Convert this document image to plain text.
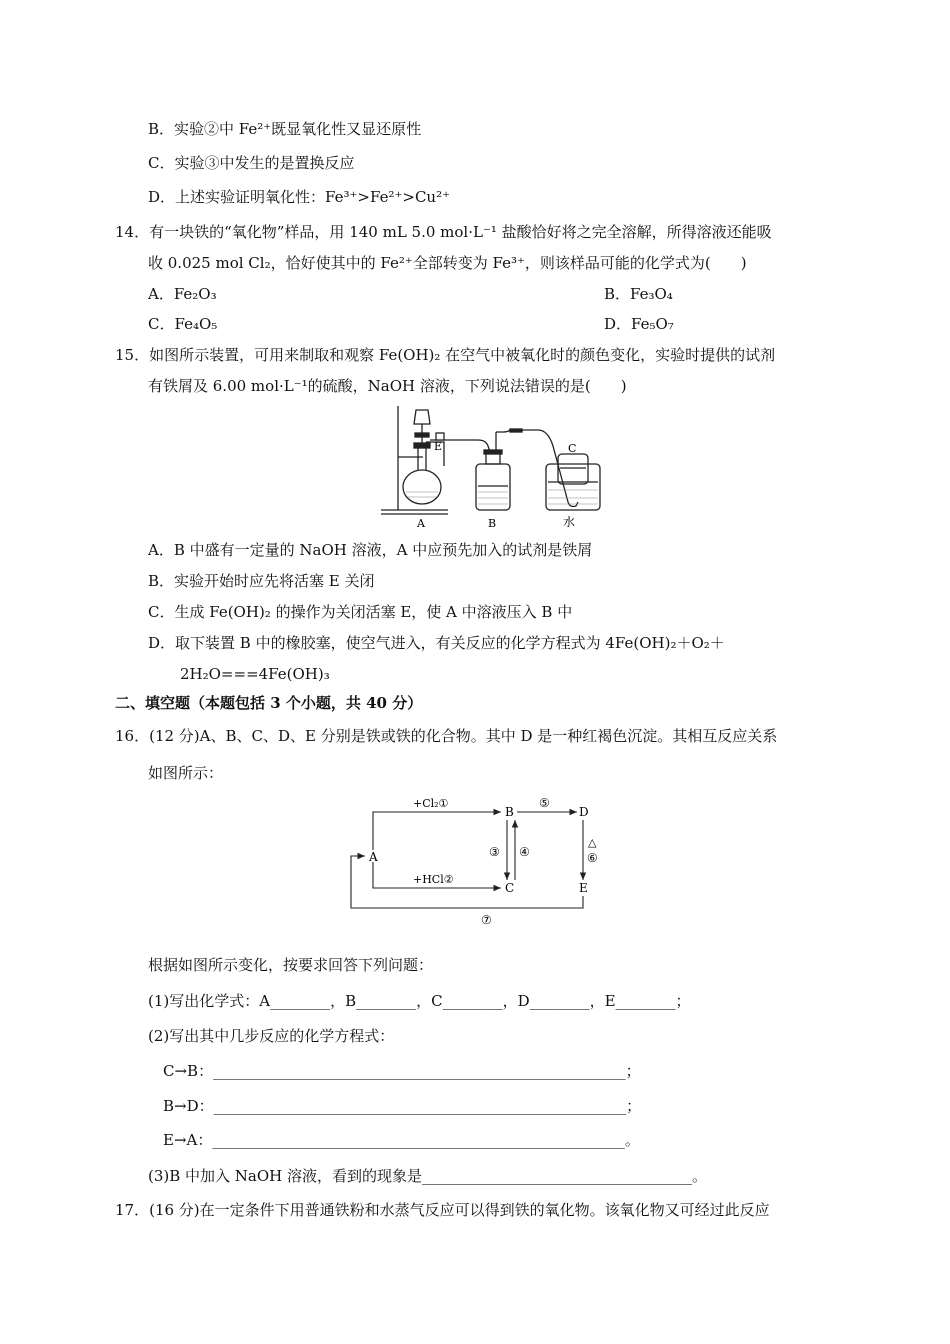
B．实验②中 Fe²⁺既显氧化性又显还原性
C．实验③中发生的是置换反应
D．上述实验证明氧化性：Fe³⁺>Fe²⁺>Cu²⁺
14．有一块铁的“氧化物”样品，用 140 mL 5.0 mol·L⁻¹ 盐酸恰好将之完全溶解，所得溶液还能吸
收 0.025 mol Cl₂，恰好使其中的 Fe²⁺全部转变为 Fe³⁺，则该样品可能的化学式为(　　)
A．Fe₂O₃	B．Fe₃O₄
C．Fe₄O₅	D．Fe₅O₇
15．如图所示装置，可用来制取和观察 Fe(OH)₂ 在空气中被氧化时的颜色变化，实验时提供的试剂
有铁屑及 6.00 mol·L⁻¹的硫酸，NaOH 溶液，下列说法错误的是(　　)
A	B
C
E
水
A．B 中盛有一定量的 NaOH 溶液，A 中应预先加入的试剂是铁屑
B．实验开始时应先将活塞 E 关闭
C．生成 Fe(OH)₂ 的操作为关闭活塞 E，使 A 中溶液压入 B 中
D．取下装置 B 中的橡胶塞，使空气进入，有关反应的化学方程式为 4Fe(OH)₂＋O₂＋
2H₂O===4Fe(OH)₃
二、填空题（本题包括 3 个小题，共 40 分）
16．(12 分)A、B、C、D、E 分别是铁或铁的化合物。其中 D 是一种红褐色沉淀。其相互反应关系
如图所示：
A
B
C
D
E
+Cl₂①
+HCl②
③ ④
⑤
△
⑥
⑦
根据如图所示变化，按要求回答下列问题：
(1)写出化学式：A________，B________，C________，D________，E________；
(2)写出其中几步反应的化学方程式：
C→B：_______________________________________________________；
B→D：_______________________________________________________；
E→A：_______________________________________________________。
(3)B 中加入 NaOH 溶液，看到的现象是____________________________________。
17．(16 分)在一定条件下用普通铁粉和水蒸气反应可以得到铁的氧化物。该氧化物又可经过此反应
